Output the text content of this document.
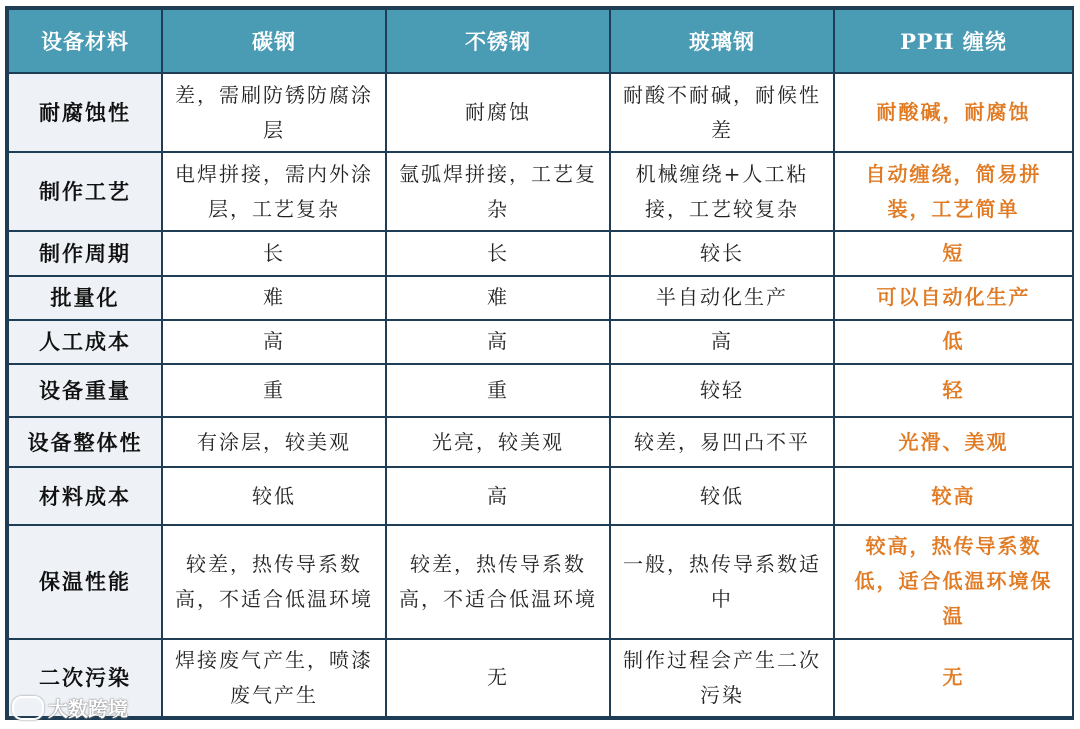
设备材料	碳钢	不锈钢	玻璃钢	PPH 缠绕
耐腐蚀性	差，需刷防锈防腐涂层	耐腐蚀	耐酸不耐碱，耐候性差	耐酸碱，耐腐蚀
制作工艺	电焊拼接，需内外涂层，工艺复杂	氩弧焊拼接，工艺复杂	机械缠绕+人工粘接，工艺较复杂	自动缠绕，简易拼装，工艺简单
制作周期	长	长	较长	短
批量化	难	难	半自动化生产	可以自动化生产
人工成本	高	高	高	低
设备重量	重	重	较轻	轻
设备整体性	有涂层，较美观	光亮，较美观	较差，易凹凸不平	光滑、美观
材料成本	较低	高	较低	较高
保温性能	较差，热传导系数高，不适合低温环境	较差，热传导系数高，不适合低温环境	一般，热传导系数适中	较高，热传导系数低，适合低温环境保温
二次污染	焊接废气产生，喷漆废气产生	无	制作过程会产生二次污染	无
大数跨境
